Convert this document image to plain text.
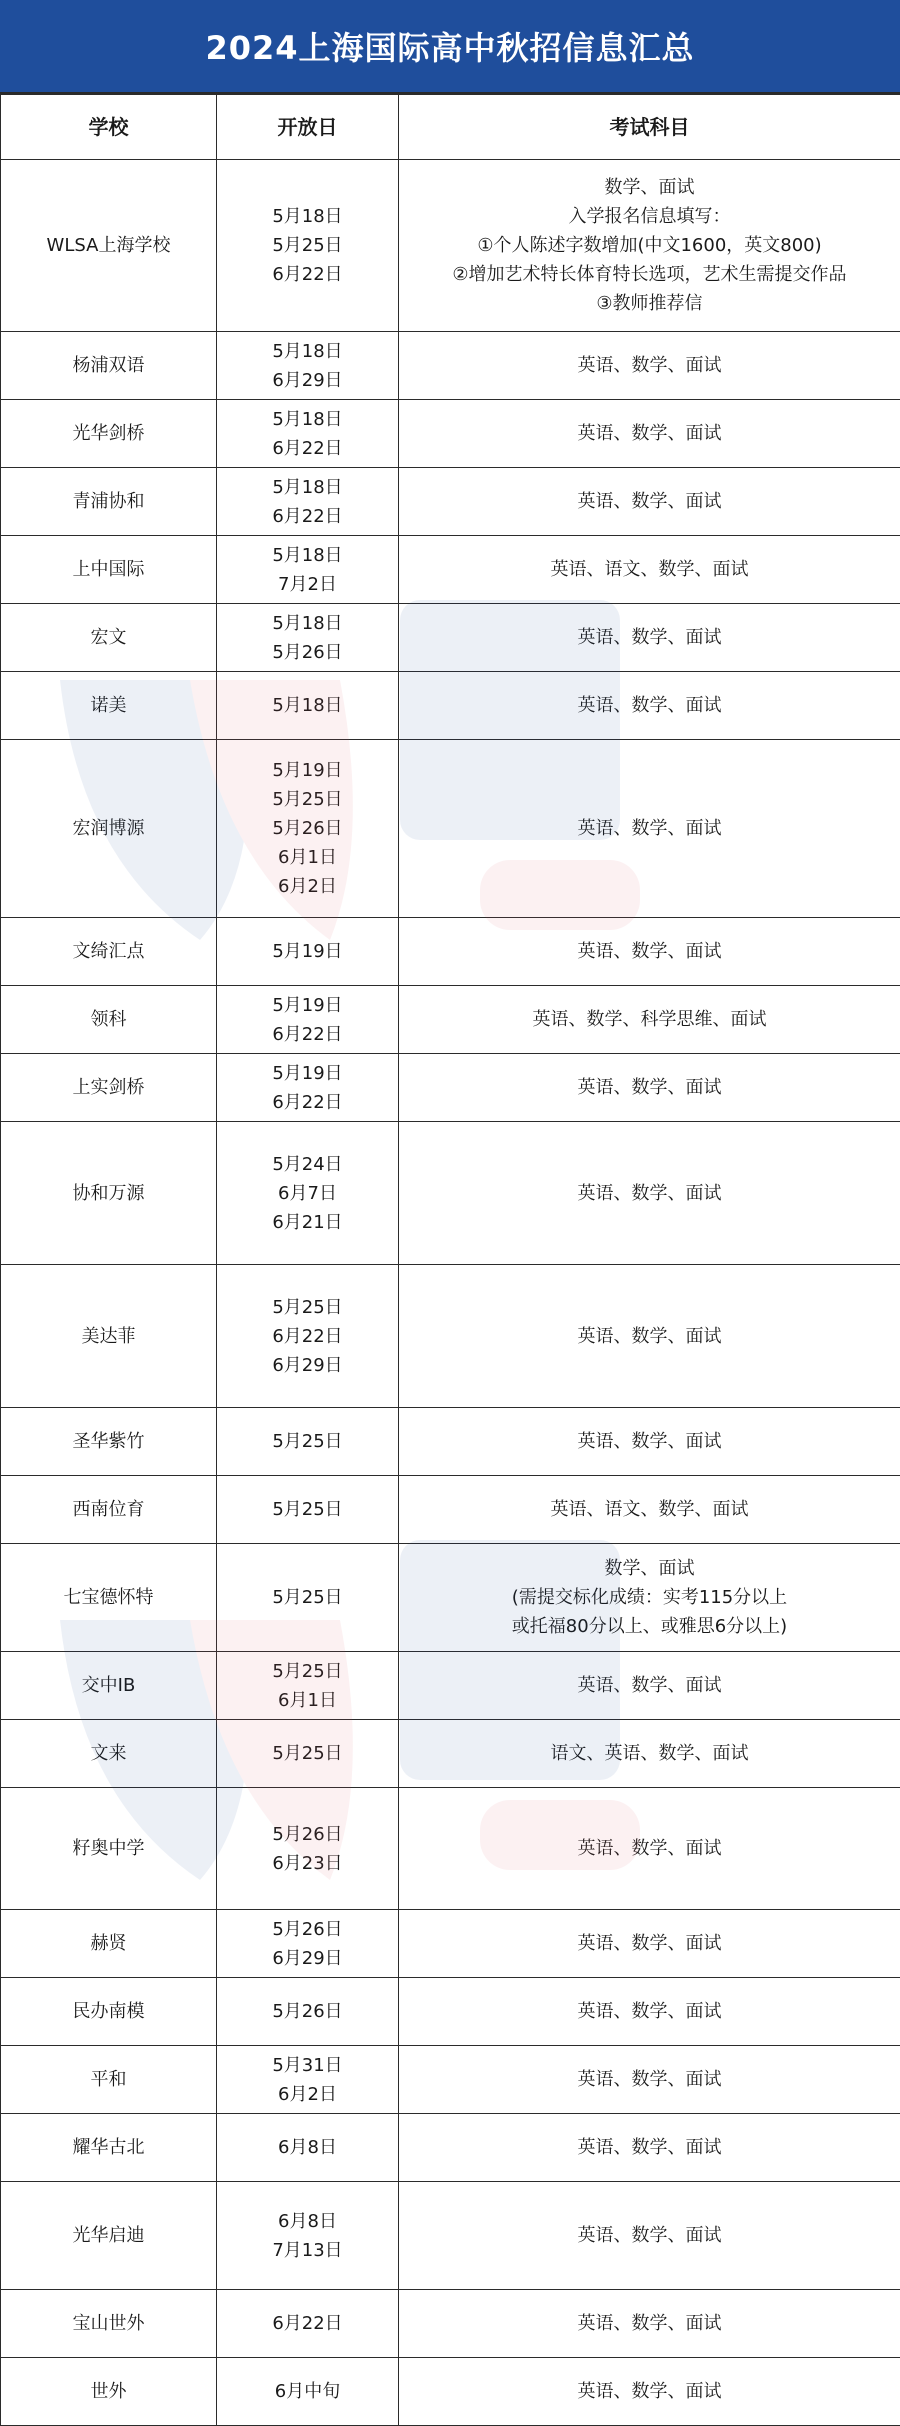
2024上海国际高中秋招信息汇总
学校	开放日	考试科目
WLSA上海学校	5月18日
5月25日
6月22日	数学、面试
入学报名信息填写：
①个人陈述字数增加(中文1600，英文800)
②增加艺术特长体育特长选项，艺术生需提交作品
③教师推荐信

杨浦双语	5月18日
6月29日	英语、数学、面试

光华剑桥	5月18日
6月22日	英语、数学、面试

青浦协和	5月18日
6月22日	英语、数学、面试

上中国际	5月18日
7月2日	英语、语文、数学、面试

宏文	5月18日
5月26日	英语、数学、面试

诺美	5月18日	英语、数学、面试

宏润博源	5月19日
5月25日
5月26日
6月1日
6月2日	英语、数学、面试

文绮汇点	5月19日	英语、数学、面试

领科	5月19日
6月22日	英语、数学、科学思维、面试

上实剑桥	5月19日
6月22日	英语、数学、面试

协和万源	5月24日
6月7日
6月21日	英语、数学、面试

美达菲	5月25日
6月22日
6月29日	英语、数学、面试

圣华紫竹	5月25日	英语、数学、面试

西南位育	5月25日	英语、语文、数学、面试

七宝德怀特	5月25日	数学、面试
(需提交标化成绩：实考115分以上
或托福80分以上、或雅思6分以上)

交中IB	5月25日
6月1日	英语、数学、面试

文来	5月25日	语文、英语、数学、面试

籽奥中学	5月26日
6月23日	英语、数学、面试

赫贤	5月26日
6月29日	英语、数学、面试

民办南模	5月26日	英语、数学、面试

平和	5月31日
6月2日	英语、数学、面试

耀华古北	6月8日	英语、数学、面试

光华启迪	6月8日
7月13日	英语、数学、面试

宝山世外	6月22日	英语、数学、面试

世外	6月中旬	英语、数学、面试
